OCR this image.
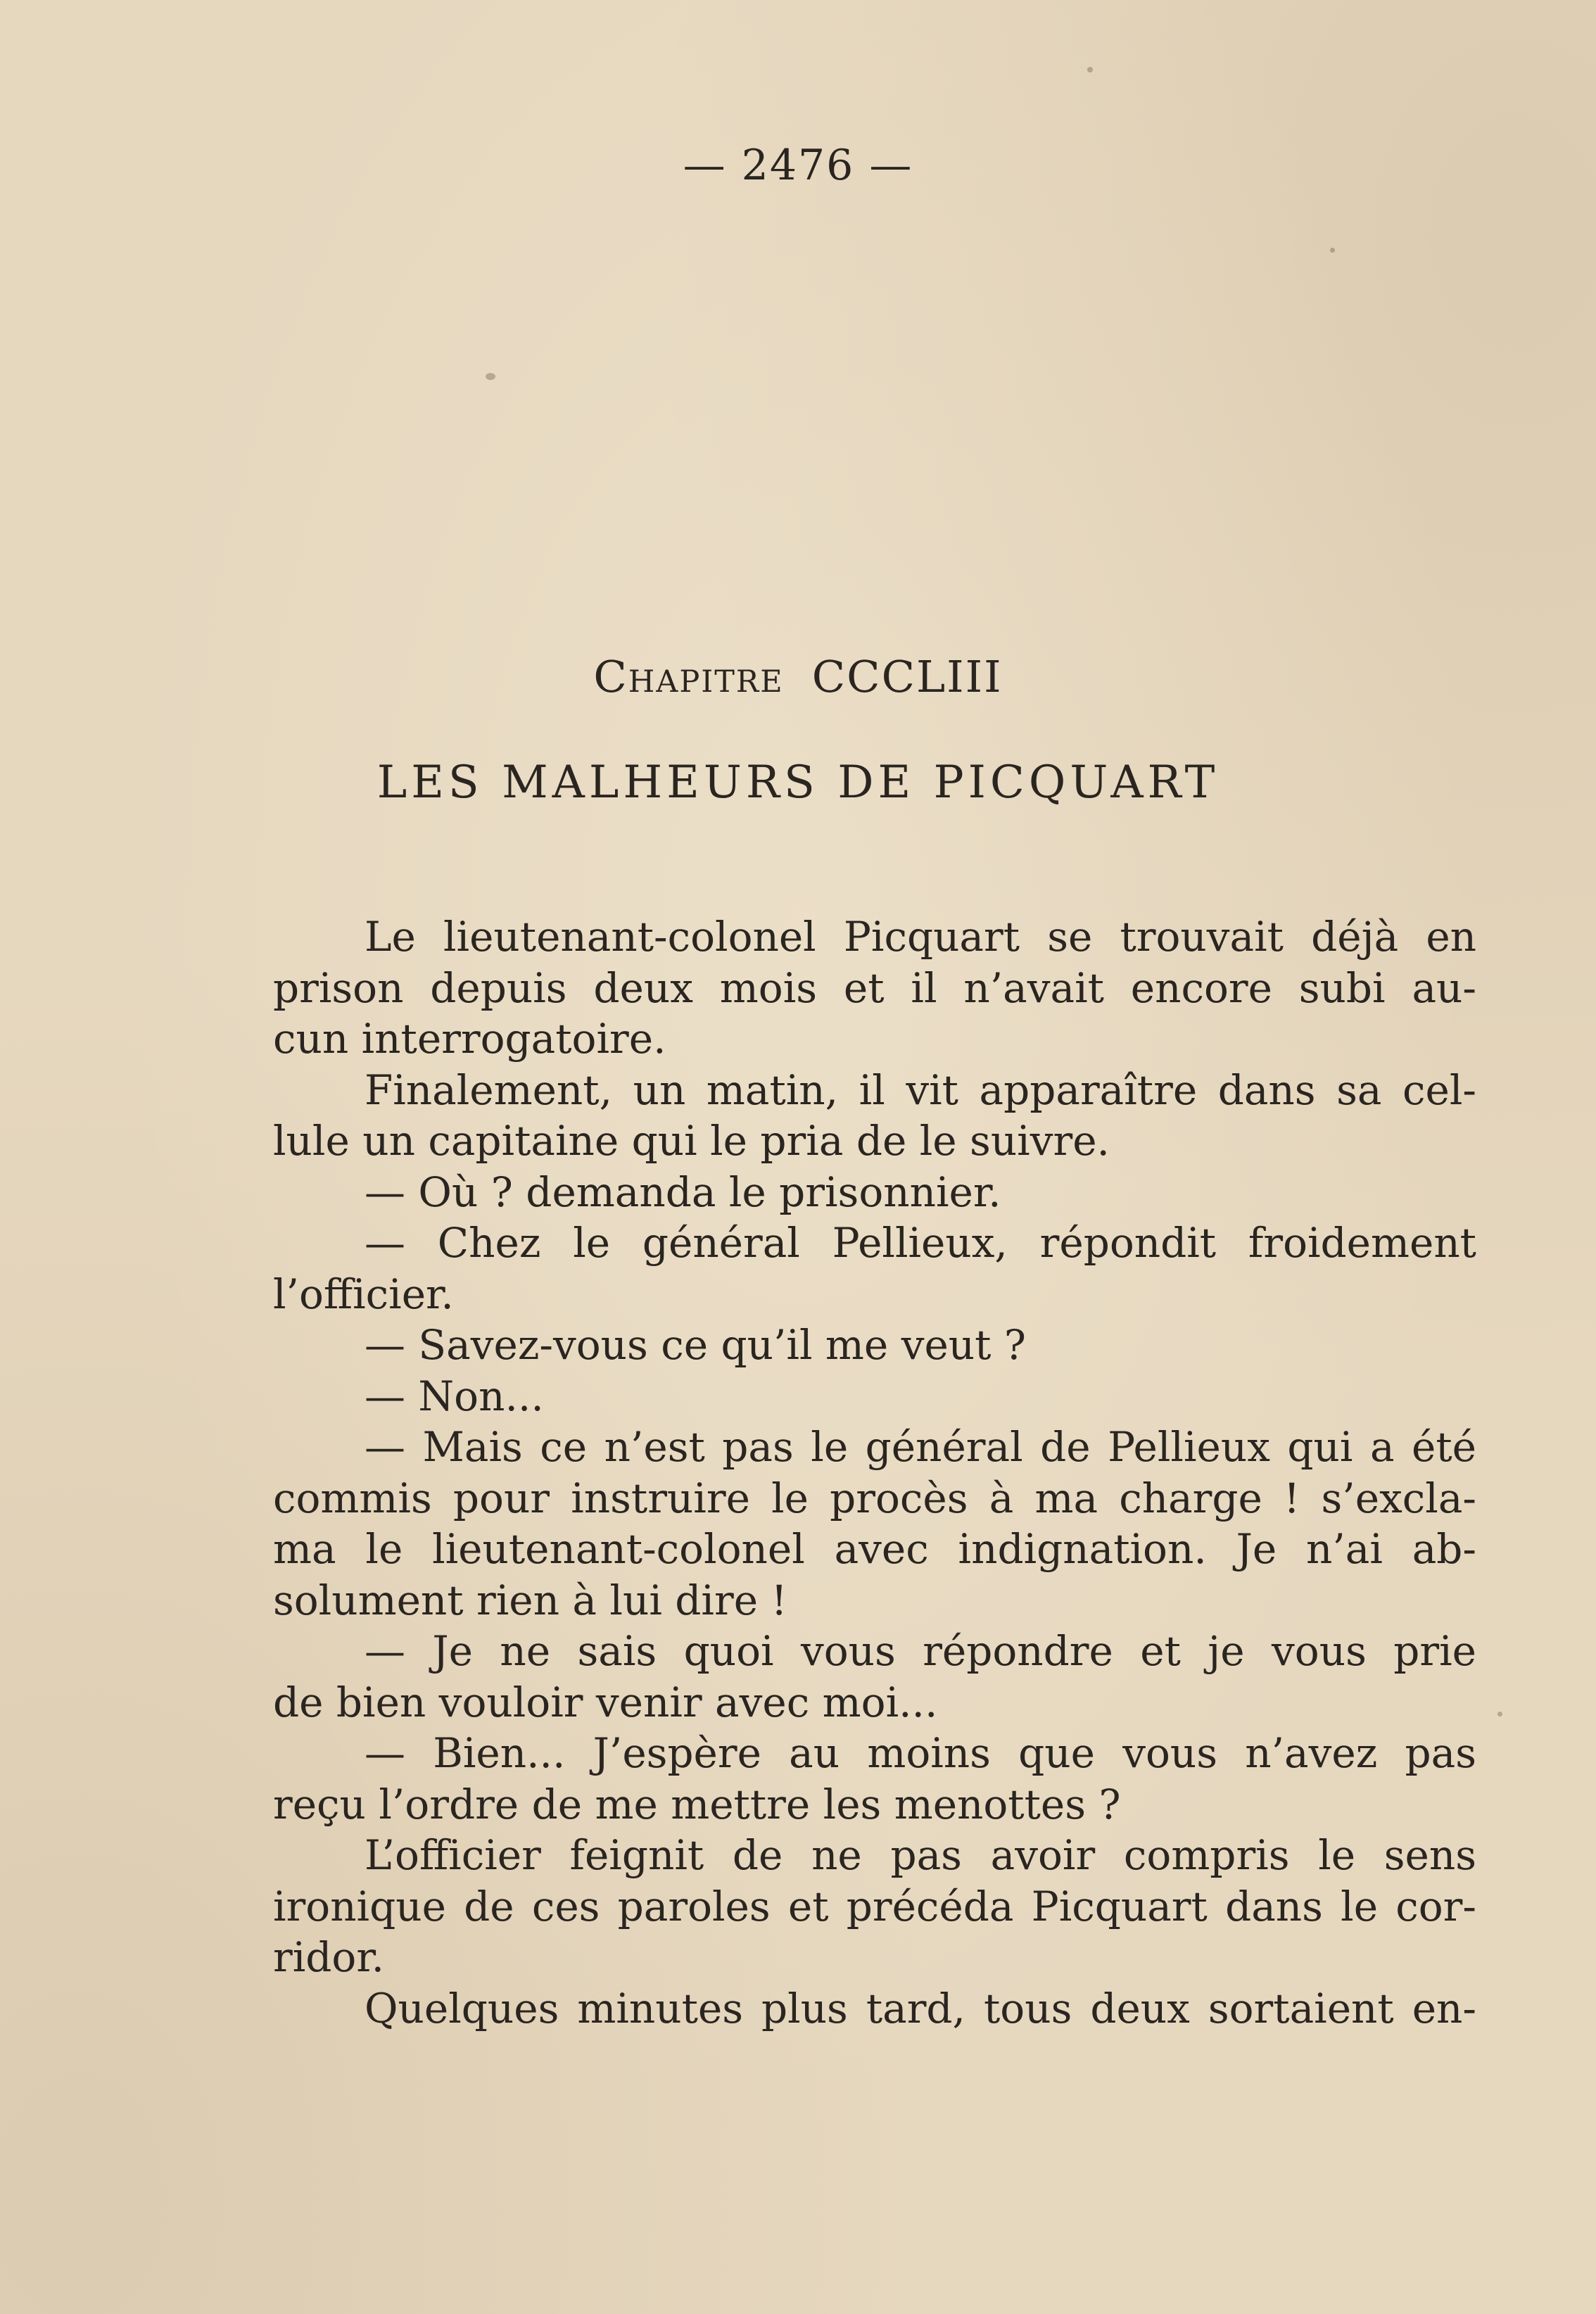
— 2476 —
Chapitre CCCLIII
LES MALHEURS DE PICQUART
Le lieutenant-colonel Picquart se trouvait déjà en
prison depuis deux mois et il n’avait encore subi au-
cun interrogatoire.
Finalement, un matin, il vit apparaître dans sa cel-
lule un capitaine qui le pria de le suivre.
— Où ? demanda le prisonnier.
— Chez le général Pellieux, répondit froidement
l’officier.
— Savez-vous ce qu’il me veut ?
— Non...
— Mais ce n’est pas le général de Pellieux qui a été
commis pour instruire le procès à ma charge ! s’excla-
ma le lieutenant-colonel avec indignation. Je n’ai ab-
solument rien à lui dire !
— Je ne sais quoi vous répondre et je vous prie
de bien vouloir venir avec moi...
— Bien... J’espère au moins que vous n’avez pas
reçu l’ordre de me mettre les menottes ?
L’officier feignit de ne pas avoir compris le sens
ironique de ces paroles et précéda Picquart dans le cor-
ridor.
Quelques minutes plus tard, tous deux sortaient en-
